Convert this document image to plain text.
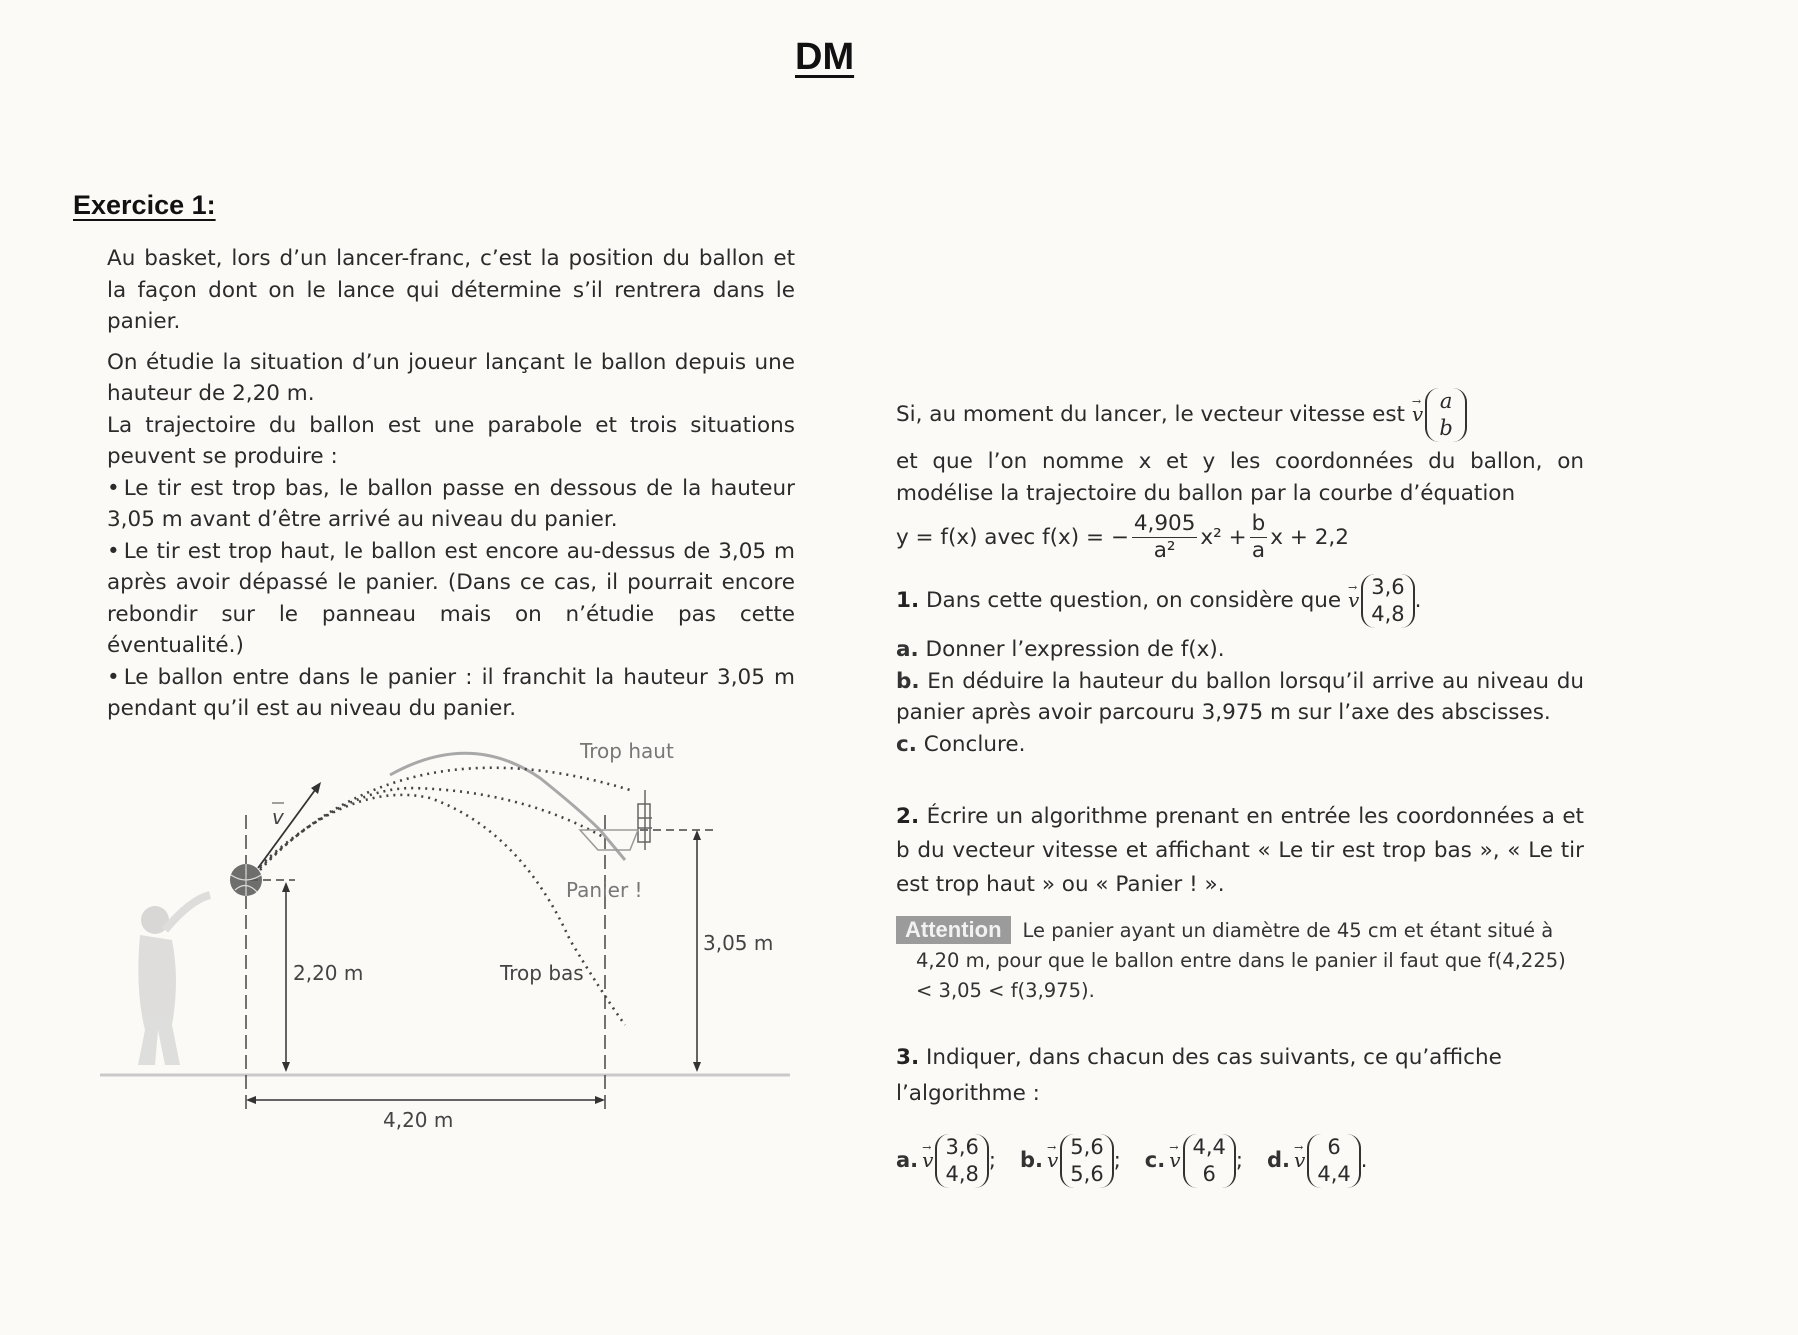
DM
Exercice 1:
Au basket, lors d’un lancer-franc, c’est la position du ballon et la façon dont on le lance qui détermine s’il rentrera dans le panier.
On étudie la situation d’un joueur lançant le ballon depuis une hauteur de 2,20 m.
La trajectoire du ballon est une parabole et trois situations peuvent se produire :
• Le tir est trop bas, le ballon passe en dessous de la hauteur 3,05 m avant d’être arrivé au niveau du panier.
• Le tir est trop haut, le ballon est encore au-dessus de 3,05 m après avoir dépassé le panier. (Dans ce cas, il pourrait encore rebondir sur le panneau mais on n’étudie pas cette éventualité.)
• Le ballon entre dans le panier : il franchit la hauteur 3,05 m pendant qu’il est au niveau du panier.
v
Trop haut
Panier !
Trop bas
2,20 m
3,05 m
4,20 m
Si, au moment du lancer, le vecteur vitesse est → v
a
b
et que l’on nomme x et y les coordonnées du ballon, on modélise la trajectoire du ballon par la courbe d’équation
y = f(x) avec f(x) = − $\frac{4,905}{\text{a²}} x^2 + \frac{b}{a}$ x + 2,2
1. Dans cette question, on considère que → v
3,6
4,8
.
a. Donner l’expression de f(x).
b. En déduire la hauteur du ballon lorsqu’il arrive au niveau du panier après avoir parcouru 3,975 m sur l’axe des abscisses.
c. Conclure.
2. Écrire un algorithme prenant en entrée les coordonnées a et b du vecteur vitesse et affichant « Le tir est trop bas », « Le tir est trop haut » ou « Panier ! ».
Attention Le panier ayant un diamètre de 45 cm et étant situé à 4,20 m, pour que le ballon entre dans le panier il faut que f(4,225) < 3,05 < f(3,975).
3. Indiquer, dans chacun des cas suivants, ce qu’affiche l’algorithme :
a. → v
3,6
4,8
; b. → v
5,6
5,6
; c. → v
4,4
6
; d. → v
6
4,4
.
